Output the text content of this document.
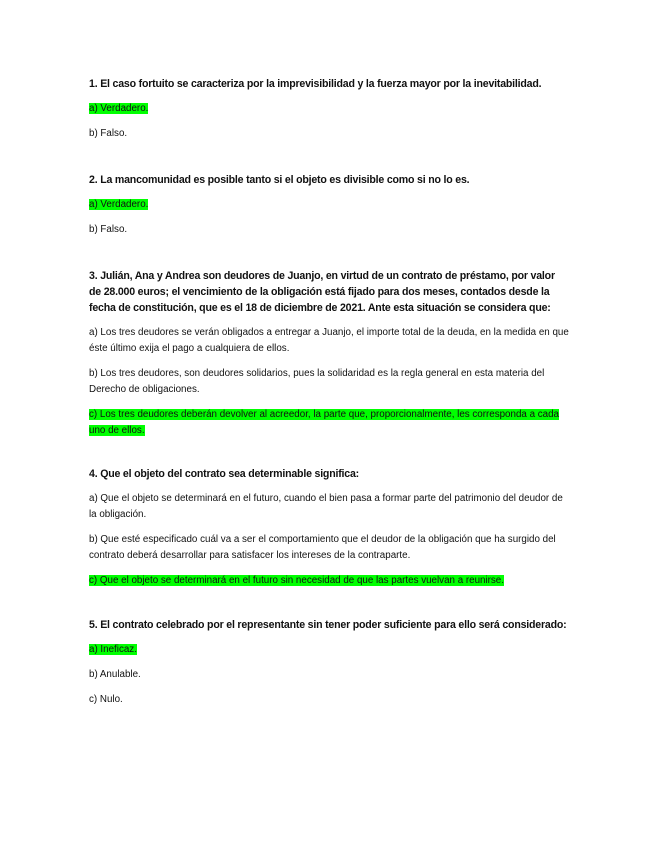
1. El caso fortuito se caracteriza por la imprevisibilidad y la fuerza mayor por la inevitabilidad.

a) Verdadero.

b) Falso.

2. La mancomunidad es posible tanto si el objeto es divisible como si no lo es.

a) Verdadero.

b) Falso.

3. Julián, Ana y Andrea son deudores de Juanjo, en virtud de un contrato de préstamo, por valor de 28.000 euros; el vencimiento de la obligación está fijado para dos meses, contados desde la fecha de constitución, que es el 18 de diciembre de 2021. Ante esta situación se considera que:

a) Los tres deudores se verán obligados a entregar a Juanjo, el importe total de la deuda, en la medida en que éste último exija el pago a cualquiera de ellos.

b) Los tres deudores, son deudores solidarios, pues la solidaridad es la regla general en esta materia del Derecho de obligaciones.

c) Los tres deudores deberán devolver al acreedor, la parte que, proporcionalmente, les corresponda a cada uno de ellos.

4. Que el objeto del contrato sea determinable significa:

a) Que el objeto se determinará en el futuro, cuando el bien pasa a formar parte del patrimonio del deudor de la obligación.

b) Que esté especificado cuál va a ser el comportamiento que el deudor de la obligación que ha surgido del contrato deberá desarrollar para satisfacer los intereses de la contraparte.

c) Que el objeto se determinará en el futuro sin necesidad de que las partes vuelvan a reunirse.

5. El contrato celebrado por el representante sin tener poder suficiente para ello será considerado:

a) Ineficaz.

b) Anulable.

c) Nulo.
